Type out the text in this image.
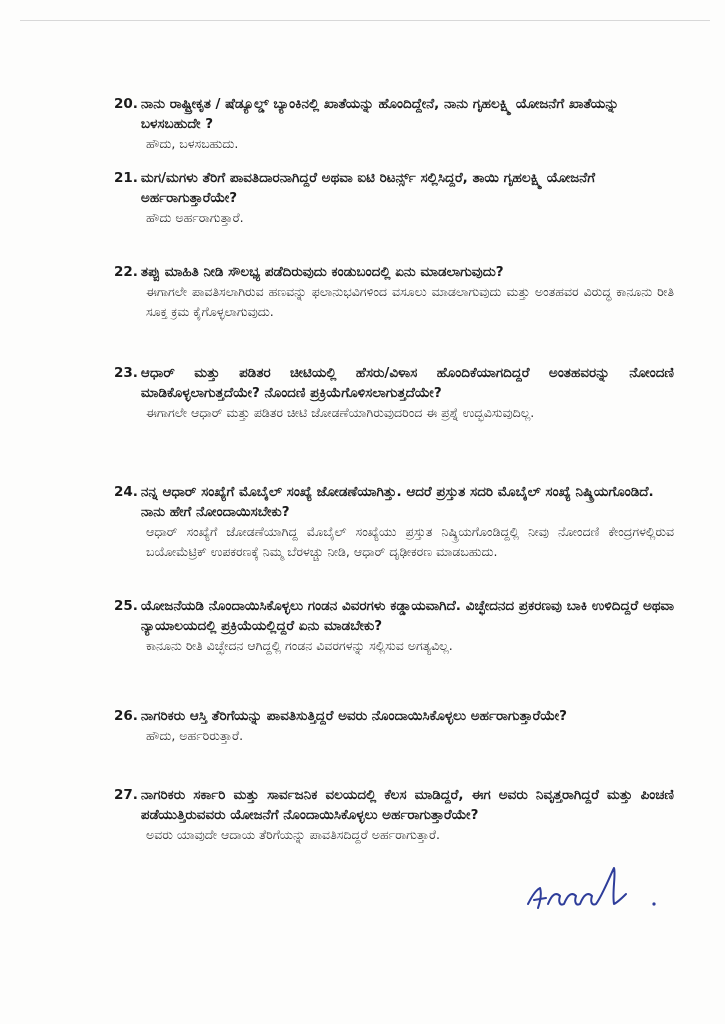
20. ನಾನು ರಾಷ್ಟ್ರೀಕೃತ / ಷೆಡ್ಯೂಲ್ಡ್ ಬ್ಯಾಂಕಿನಲ್ಲಿ ಖಾತೆಯನ್ನು ಹೊಂದಿದ್ದೇನೆ, ನಾನು ಗೃಹಲಕ್ಷ್ಮಿ ಯೋಜನೆಗೆ ಖಾತೆಯನ್ನು ಬಳಸಬಹುದೇ ?
ಹೌದು, ಬಳಸಬಹುದು.
21. ಮಗ/ಮಗಳು ತೆರಿಗೆ ಪಾವತಿದಾರನಾಗಿದ್ದರೆ ಅಥವಾ ಐಟಿ ರಿಟರ್ನ್ಸ್ ಸಲ್ಲಿಸಿದ್ದರೆ, ತಾಯಿ ಗೃಹಲಕ್ಷ್ಮಿ ಯೋಜನೆಗೆ ಅರ್ಹರಾಗುತ್ತಾರೆಯೇ?
ಹೌದು ಅರ್ಹರಾಗುತ್ತಾರೆ.
22. ತಪ್ಪು ಮಾಹಿತಿ ನೀಡಿ ಸೌಲಭ್ಯ ಪಡೆದಿರುವುದು ಕಂಡುಬಂದಲ್ಲಿ ಏನು ಮಾಡಲಾಗುವುದು?
ಈಗಾಗಲೇ ಪಾವತಿಸಲಾಗಿರುವ ಹಣವನ್ನು ಫಲಾನುಭವಿಗಳಿಂದ ವಸೂಲು ಮಾಡಲಾಗುವುದು ಮತ್ತು ಅಂತಹವರ ವಿರುದ್ಧ ಕಾನೂನು ರೀತಿ ಸೂಕ್ತ ಕ್ರಮ ಕೈಗೊಳ್ಳಲಾಗುವುದು.
23. ಆಧಾರ್ ಮತ್ತು ಪಡಿತರ ಚೀಟಿಯಲ್ಲಿ ಹೆಸರು/ವಿಳಾಸ ಹೊಂದಿಕೆಯಾಗದಿದ್ದರೆ ಅಂತಹವರನ್ನು ನೋಂದಣಿ ಮಾಡಿಕೊಳ್ಳಲಾಗುತ್ತದೆಯೇ? ನೊಂದಣಿ ಪ್ರಕ್ರಿಯೆಗೊಳಿಸಲಾಗುತ್ತದೆಯೇ?
ಈಗಾಗಲೇ ಆಧಾರ್ ಮತ್ತು ಪಡಿತರ ಚೀಟಿ ಜೋಡಣೆಯಾಗಿರುವುದರಿಂದ ಈ ಪ್ರಶ್ನೆ ಉದ್ಭವಿಸುವುದಿಲ್ಲ.
24. ನನ್ನ ಆಧಾರ್ ಸಂಖ್ಯೆಗೆ ಮೊಬೈಲ್ ಸಂಖ್ಯೆ ಜೋಡಣೆಯಾಗಿತ್ತು. ಆದರೆ ಪ್ರಸ್ತುತ ಸದರಿ ಮೊಬೈಲ್ ಸಂಖ್ಯೆ ನಿಷ್ಕ್ರಿಯಗೊಂಡಿದೆ. ನಾನು ಹೇಗೆ ನೋಂದಾಯಿಸಬೇಕು?
ಆಧಾರ್ ಸಂಖ್ಯೆಗೆ ಜೋಡಣೆಯಾಗಿದ್ದ ಮೊಬೈಲ್ ಸಂಖ್ಯೆಯು ಪ್ರಸ್ತುತ ನಿಷ್ಕ್ರಿಯಗೊಂಡಿದ್ದಲ್ಲಿ ನೀವು ನೋಂದಣಿ ಕೇಂದ್ರಗಳಲ್ಲಿರುವ ಬಯೋಮೆಟ್ರಿಕ್ ಉಪಕರಣಕ್ಕೆ ನಿಮ್ಮ ಬೆರಳಚ್ಚು ನೀಡಿ, ಆಧಾರ್ ದೃಢೀಕರಣ ಮಾಡಬಹುದು.
25. ಯೋಜನೆಯಡಿ ನೊಂದಾಯಿಸಿಕೊಳ್ಳಲು ಗಂಡನ ವಿವರಗಳು ಕಡ್ಡಾಯವಾಗಿದೆ. ವಿಚ್ಛೇದನದ ಪ್ರಕರಣವು ಬಾಕಿ ಉಳಿದಿದ್ದರೆ ಅಥವಾ ನ್ಯಾಯಾಲಯದಲ್ಲಿ ಪ್ರಕ್ರಿಯೆಯಲ್ಲಿದ್ದರೆ ಏನು ಮಾಡಬೇಕು?
ಕಾನೂನು ರೀತಿ ವಿಚ್ಛೇದನ ಆಗಿದ್ದಲ್ಲಿ ಗಂಡನ ವಿವರಗಳನ್ನು ಸಲ್ಲಿಸುವ ಅಗತ್ಯವಿಲ್ಲ.
26. ನಾಗರಿಕರು ಆಸ್ತಿ ತೆರಿಗೆಯನ್ನು ಪಾವತಿಸುತ್ತಿದ್ದರೆ ಅವರು ನೊಂದಾಯಿಸಿಕೊಳ್ಳಲು ಅರ್ಹರಾಗುತ್ತಾರೆಯೇ?
ಹೌದು, ಅರ್ಹರಿರುತ್ತಾರೆ.
27. ನಾಗರಿಕರು ಸರ್ಕಾರಿ ಮತ್ತು ಸಾರ್ವಜನಿಕ ವಲಯದಲ್ಲಿ ಕೆಲಸ ಮಾಡಿದ್ದರೆ, ಈಗ ಅವರು ನಿವೃತ್ತರಾಗಿದ್ದರೆ ಮತ್ತು ಪಿಂಚಣಿ ಪಡೆಯುತ್ತಿರುವವರು ಯೋಜನೆಗೆ ನೊಂದಾಯಿಸಿಕೊಳ್ಳಲು ಅರ್ಹರಾಗುತ್ತಾರೆಯೇ?
ಅವರು ಯಾವುದೇ ಆದಾಯ ತೆರಿಗೆಯನ್ನು ಪಾವತಿಸದಿದ್ದರೆ ಅರ್ಹರಾಗುತ್ತಾರೆ.
